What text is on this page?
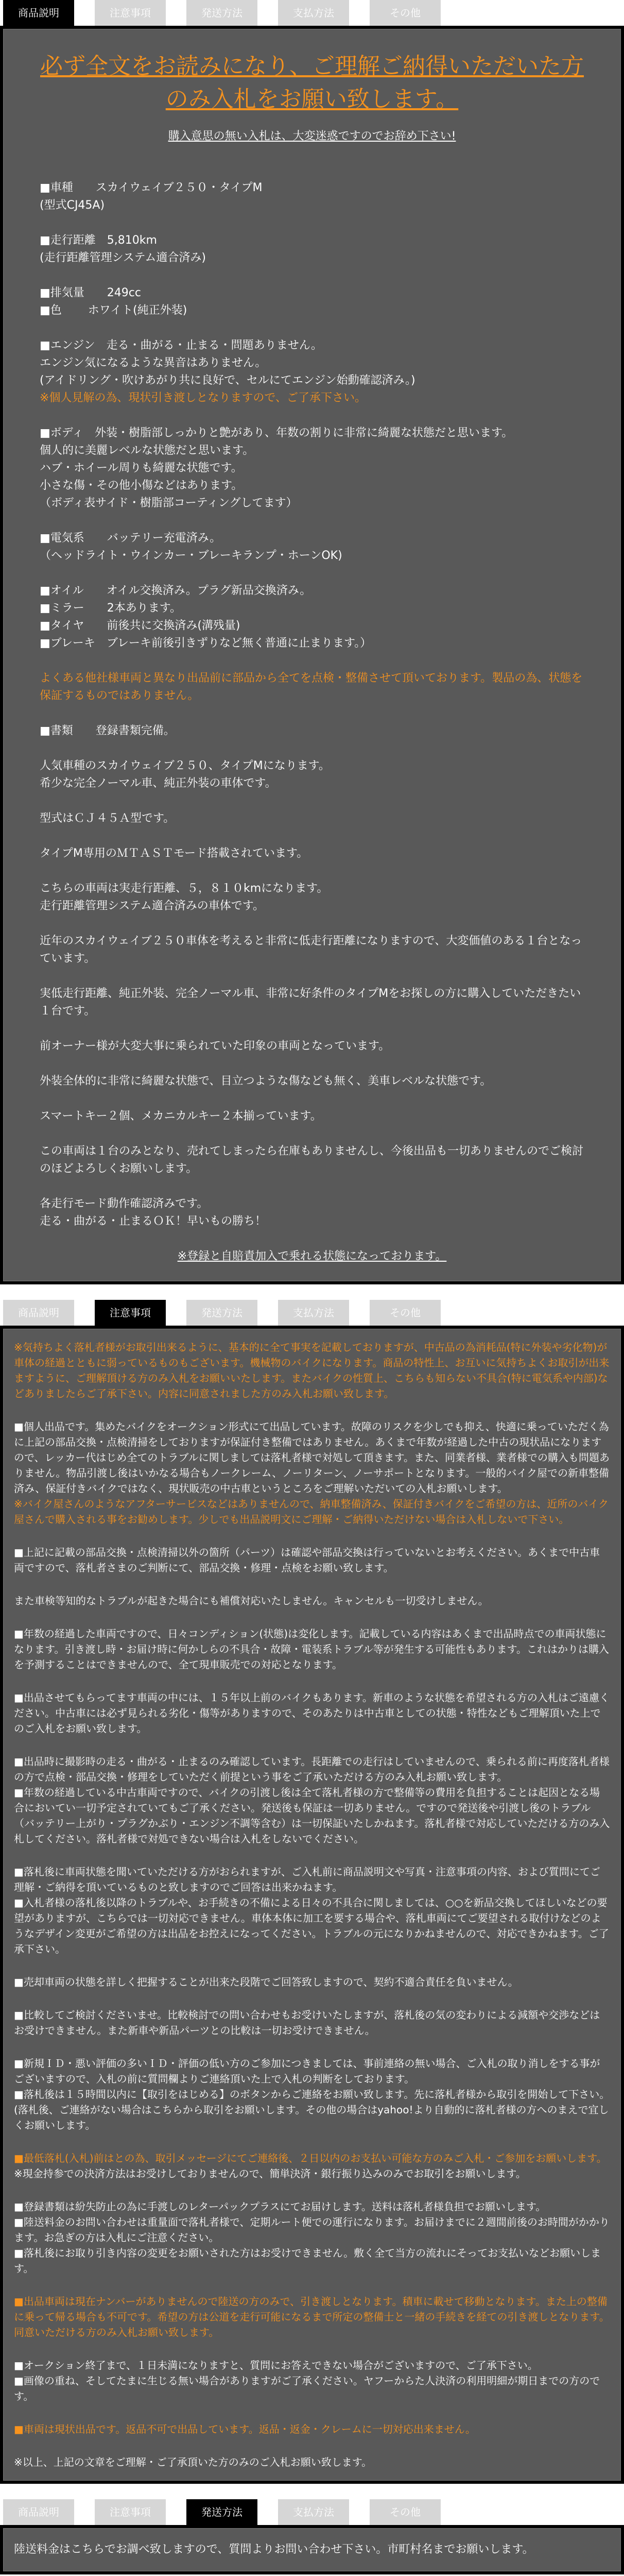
商品説明	注意事項	発送方法	支払方法	その他
必ず全文をお読みになり、ご理解ご納得いただいた方のみ入札をお願い致します。
購入意思の無い入札は、大変迷惑ですのでお辞め下さい!

■車種　　スカイウェイブ２５０・タイプM

(型式CJ45A)

■走行距離　5,810km

(走行距離管理システム適合済み)

■排気量　　249cc

■色　　 ホワイト(純正外装)

■エンジン　走る・曲がる・止まる・問題ありません。

エンジン気になるような異音はありません。

(アイドリング・吹けあがり共に良好で、セルにてエンジン始動確認済み。)

※個人見解の為、現状引き渡しとなりますので、ご了承下さい。

■ボディ　外装・樹脂部しっかりと艶があり、年数の割りに非常に綺麗な状態だと思います。

個人的に美麗レベルな状態だと思います。

ハブ・ホイール周りも綺麗な状態です。

小さな傷・その他小傷などはあります。

（ボディ表サイド・樹脂部コーティングしてます）

■電気系　　バッテリー充電済み。

（ヘッドライト・ウインカー・ブレーキランプ・ホーンOK)

■オイル　　オイル交換済み。プラグ新品交換済み。

■ミラー　　2本あります。

■タイヤ　　前後共に交換済み(溝残量)

■ブレーキ　ブレーキ前後引きずりなど無く普通に止まります。）

よくある他社様車両と異なり出品前に部品から全てを点検・整備させて頂いております。製品の為、状態を保証するものではありません。

■書類　　登録書類完備。

人気車種のスカイウェイブ２５０、タイプMになります。

希少な完全ノーマル車、純正外装の車体です。

型式はＣＪ４５Ａ型です。

タイプM専用のＭＴＡＳＴモード搭載されています。

こちらの車両は実走行距離、５，８１０kmになります。

走行距離管理システム適合済みの車体です。

近年のスカイウェイブ２５０車体を考えると非常に低走行距離になりますので、大変価値のある１台となっています。

実低走行距離、純正外装、完全ノーマル車、非常に好条件のタイプMをお探しの方に購入していただきたい１台です。

前オーナー様が大変大事に乗られていた印象の車両となっています。

外装全体的に非常に綺麗な状態で、目立つような傷なども無く、美車レベルな状態です。

スマートキー２個、メカニカルキー２本揃っています。

この車両は１台のみとなり、売れてしまったら在庫もありませんし、今後出品も一切ありませんのでご検討のほどよろしくお願いします。

各走行モード動作確認済みです。

走る・曲がる・止まるＯＫ！早いもの勝ち！

※登録と自賠責加入で乗れる状態になっております。

商品説明	注意事項	発送方法	支払方法	その他

※気持ちよく落札者様がお取引出来るように、基本的に全て事実を記載しておりますが、中古品の為消耗品(特に外装や劣化物)が車体の経過とともに弱っているものもございます。機械物のバイクになります。商品の特性上、お互いに気持ちよくお取引が出来ますように、ご理解頂ける方のみ入札をお願いいたします。またバイクの性質上、こちらも知らない不具合(特に電気系や内部)などありましたらご了承下さい。内容に同意されました方のみ入札お願い致します。

■個人出品です。集めたバイクをオークション形式にて出品しています。故障のリスクを少しでも抑え、快適に乗っていただく為に上記の部品交換・点検清掃をしておりますが保証付き整備ではありません。あくまで年数が経過した中古の現状品になりますので、レッカー代はじめ全てのトラブルに関しましては落札者様で対処して頂きます。また、同業者様、業者様での購入も問題ありません。物品引渡し後はいかなる場合もノークレーム、ノーリターン、ノーサポートとなります。一般的バイク屋での新車整備済み、保証付きバイクではなく、現状販売の中古車というところをご理解いただいての入札お願いします。

※バイク屋さんのようなアフターサービスなどはありませんので、納車整備済み、保証付きバイクをご希望の方は、近所のバイク屋さんで購入される事をお勧めします。少しでも出品説明文にご理解・ご納得いただけない場合は入札しないで下さい。

■上記に記載の部品交換・点検清掃以外の箇所（パーツ）は確認や部品交換は行っていないとお考えください。あくまで中古車両ですので、落札者さまのご判断にて、部品交換・修理・点検をお願い致します。

また車検等知的なトラブルが起きた場合にも補償対応いたしません。キャンセルも一切受けしません。

■年数の経過した車両ですので、日々コンディション(状態)は変化します。記載している内容はあくまで出品時点での車両状態になります。引き渡し時・お届け時に何かしらの不具合・故障・電装系トラブル等が発生する可能性もあります。これはかりは購入を予測することはできませんので、全て現車販売での対応となります。

■出品させてもらってます車両の中には、１５年以上前のバイクもあります。新車のような状態を希望される方の入札はご遠慮ください。中古車には必ず見られる劣化・傷等がありますので、そのあたりは中古車としての状態・特性などもご理解頂いた上でのご入札をお願い致します。

■出品時に撮影時の走る・曲がる・止まるのみ確認しています。長距離での走行はしていませんので、乗られる前に再度落札者様の方で点検・部品交換・修理をしていただく前提という事をご了承いただける方のみ入札お願い致します。

■年数の経過している中古車両ですので、バイクの引渡し後は全て落札者様の方で整備等の費用を負担することは起因となる場合においてい一切予定されていてもご了承ください。発送後も保証は一切ありません。ですので発送後や引渡し後のトラブル（バッテリー上がり・プラグかぶり・エンジン不調等含む）は一切保証いたしかねます。落札者様で対応していただける方のみ入札してください。落札者様で対処できない場合は入札をしないでください。

■落札後に車両状態を聞いていただける方がおられますが、ご入札前に商品説明文や写真・注意事項の内容、および質問にてご理解・ご納得を頂いているものと致しますのでご回答は出来かねます。

■入札者様の落札後以降のトラブルや、お手続きの不備による日々の不具合に関しましては、○○を新品交換してほしいなどの要望がありますが、こちらでは一切対応できません。車体本体に加工を要する場合や、落札車両にてご要望される取付けなどのようなデザイン変更がご希望の方は出品をお控えになってください。トラブルの元になりかねませんので、対応できかねます。ご了承下さい。

■売却車両の状態を詳しく把握することが出来た段階でご回答致しますので、契約不適合責任を負いません。

■比較してご検討くださいませ。比較検討での問い合わせもお受けいたしますが、落札後の気の変わりによる減額や交渉などはお受けできません。また新車や新品パーツとの比較は一切お受けできません。

■新規ＩＤ・悪い評価の多いＩＤ・評価の低い方のご参加につきましては、事前連絡の無い場合、ご入札の取り消しをする事がございますので、入札の前に質問欄よりご連絡頂いた上で入札の判断をしております。

■落札後は１５時間以内に【取引をはじめる】のボタンからご連絡をお願い致します。先に落札者様から取引を開始して下さい。(落札後、ご連絡がない場合はこちらから取引をお願いします。その他の場合はyahoo!より自動的に落札者様の方へのまえで宜しくお願いします。

■最低落札(入札)前はとの為、取引メッセージにてご連絡後、２日以内のお支払い可能な方のみご入札・ご参加をお願いします。

※現金持参での決済方法はお受けしておりませんので、簡単決済・銀行振り込みのみでお取引をお願いします。

■登録書類は紛失防止の為に手渡しのレターパックプラスにてお届けします。送料は落札者様負担でお願いします。

■陸送料金のお問い合わせは重量面で落札者様で、定期ルート便での運行になります。お届けまでに２週間前後のお時間がかかります。お急ぎの方は入札にご注意ください。

■落札後にお取り引き内容の変更をお願いされた方はお受けできません。敷く全て当方の流れにそってお支払いなどお願いします。

■出品車両は現在ナンバーがありませんので陸送の方のみで、引き渡しとなります。積車に載せて移動となります。また上の整備に乗って帰る場合も不可です。希望の方は公道を走行可能になるまで所定の整備士と一緒の手続きを経ての引き渡しとなります。同意いただける方のみ入札お願い致します。

■オークション終了まで、１日未満になりますと、質問にお答えできない場合がございますので、ご了承下さい。

■画像の重ね、そしてたまに生じる無い場合がありますがご了承ください。ヤフーからた人決済の利用明細が期日までの方のです。

■車両は現状出品です。返品不可で出品しています。返品・返金・クレームに一切対応出来ません。

※以上、上記の文章をご理解・ご了承頂いた方のみのご入札お願い致します。

商品説明	注意事項	発送方法	支払方法	その他

陸送料金はこちらでお調べ致しますので、質問よりお問い合わせ下さい。市町村名までお願いします。
